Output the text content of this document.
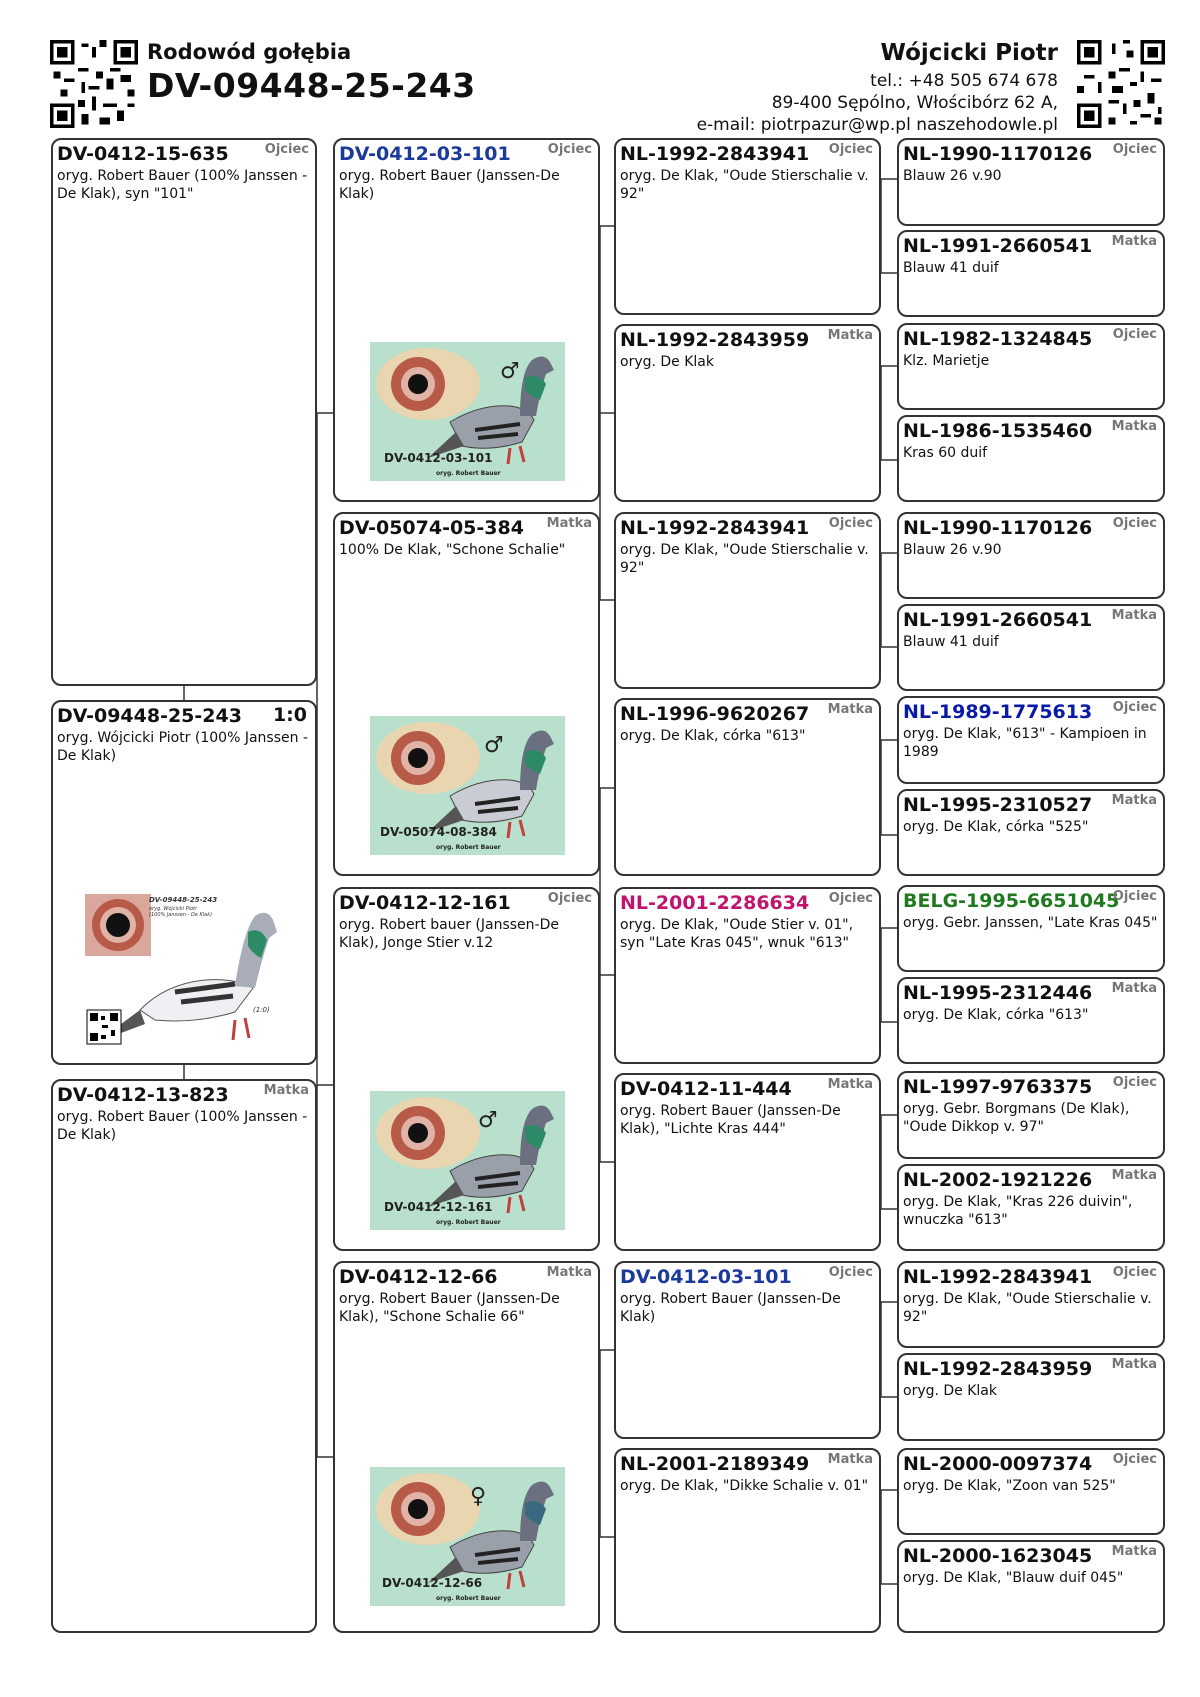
Rodowód gołębia
DV-09448-25-243
Wójcicki Piotr
tel.: +48 505 674 678
89-400 Sępólno, Włościbórz 62 A,
e-mail: piotrpazur@wp.pl naszehodowle.pl
DV-0412-15-635	Ojciec
oryg. Robert Bauer (100% Janssen - De Klak), syn "101"
DV-09448-25-243	1:0
oryg. Wójcicki Piotr (100% Janssen - De Klak)
DV-09448-25-243
oryg. Wójcicki Piotr
(100% Janssen - De Klak)
(1:0)
DV-0412-13-823	Matka
oryg. Robert Bauer (100% Janssen - De Klak)
DV-0412-03-101	Ojciec
oryg. Robert Bauer (Janssen-De Klak)
♂
DV-0412-03-101
oryg. Robert Bauer
DV-05074-05-384	Matka
100% De Klak, "Schone Schalie"
♂
DV-05074-08-384
oryg. Robert Bauer
DV-0412-12-161	Ojciec
oryg. Robert bauer (Janssen-De Klak), Jonge Stier v.12
♂
DV-0412-12-161
oryg. Robert Bauer
DV-0412-12-66	Matka
oryg. Robert Bauer (Janssen-De Klak), "Schone Schalie 66"
♀
DV-0412-12-66
oryg. Robert Bauer
NL-1992-2843941	Ojciec
oryg. De Klak, "Oude Stierschalie v. 92"
NL-1992-2843959	Matka
oryg. De Klak
NL-1992-2843941	Ojciec
oryg. De Klak, "Oude Stierschalie v. 92"
NL-1996-9620267	Matka
oryg. De Klak, córka "613"
NL-2001-2286634	Ojciec
oryg. De Klak, "Oude Stier v. 01", syn "Late Kras 045", wnuk "613"
DV-0412-11-444	Matka
oryg. Robert Bauer (Janssen-De Klak), "Lichte Kras 444"
DV-0412-03-101	Ojciec
oryg. Robert Bauer (Janssen-De Klak)
NL-2001-2189349	Matka
oryg. De Klak, "Dikke Schalie v. 01"
NL-1990-1170126	Ojciec
Blauw 26 v.90
NL-1991-2660541	Matka
Blauw 41 duif
NL-1982-1324845	Ojciec
Klz. Marietje
NL-1986-1535460	Matka
Kras 60 duif
NL-1990-1170126	Ojciec
Blauw 26 v.90
NL-1991-2660541	Matka
Blauw 41 duif
NL-1989-1775613	Ojciec
oryg. De Klak, "613" - Kampioen in 1989
NL-1995-2310527	Matka
oryg. De Klak, córka "525"
BELG-1995-6651045
Ojciec
oryg. Gebr. Janssen, "Late Kras 045"
NL-1995-2312446	Matka
oryg. De Klak, córka "613"
NL-1997-9763375	Ojciec
oryg. Gebr. Borgmans (De Klak), "Oude Dikkop v. 97"
NL-2002-1921226	Matka
oryg. De Klak, "Kras 226 duivin", wnuczka "613"
NL-1992-2843941	Ojciec
oryg. De Klak, "Oude Stierschalie v. 92"
NL-1992-2843959	Matka
oryg. De Klak
NL-2000-0097374	Ojciec
oryg. De Klak, "Zoon van 525"
NL-2000-1623045	Matka
oryg. De Klak, "Blauw duif 045"
